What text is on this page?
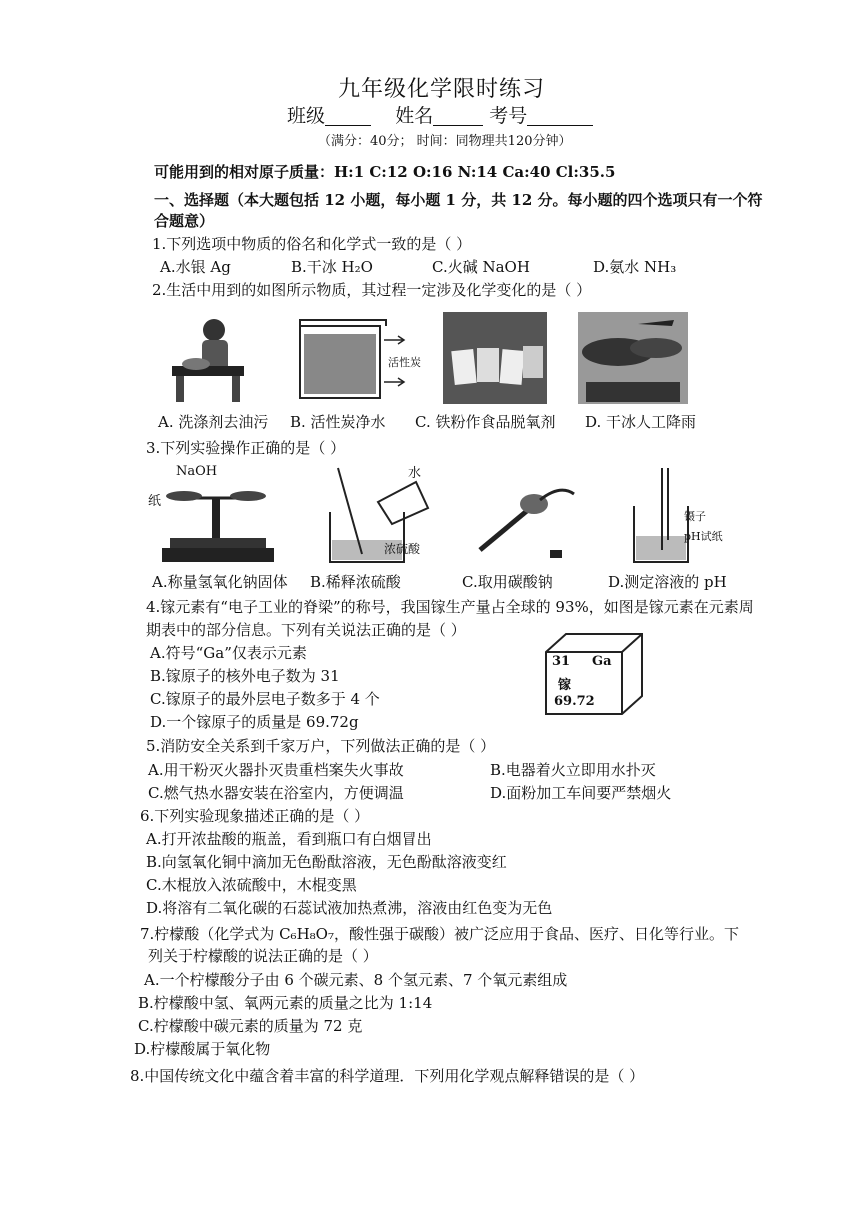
九年级化学限时练习
班级	姓名	考号
（满分：40分； 时间：同物理共120分钟）
可能用到的相对原子质量：H:1 C:12 O:16 N:14 Ca:40 Cl:35.5
一、选择题（本大题包括 12 小题，每小题 1 分，共 12 分。每小题的四个选项只有一个符
合题意）
1.下列选项中物质的俗名和化学式一致的是（ ）
A.水银 Ag	B.干冰 H₂O	C.火碱 NaOH	D.氨水 NH₃
2.生活中用到的如图所示物质，其过程一定涉及化学变化的是（ ）
活性炭
A. 洗涤剂去油污 B. 活性炭净水 C. 铁粉作食品脱氧剂 D. 干冰人工降雨
3.下列实验操作正确的是（ ）
NaOH
纸
水
浓硫酸
镊子
pH试纸
A.称量氢氧化钠固体 B.稀释浓硫酸	C.取用碳酸钠	D.测定溶液的 pH
4.镓元素有“电子工业的脊梁”的称号，我国镓生产量占全球的 93%，如图是镓元素在元素周
期表中的部分信息。下列有关说法正确的是（ ）
A.符号“Ga”仅表示元素
B.镓原子的核外电子数为 31
C.镓原子的最外层电子数多于 4 个
D.一个镓原子的质量是 69.72g
31 Ga
镓
69.72
5.消防安全关系到千家万户，下列做法正确的是（ ）
A.用干粉灭火器扑灭贵重档案失火事故	B.电器着火立即用水扑灭
C.燃气热水器安装在浴室内，方便调温	D.面粉加工车间要严禁烟火
6.下列实验现象描述正确的是（ ）
A.打开浓盐酸的瓶盖，看到瓶口有白烟冒出
B.向氢氧化铜中滴加无色酚酞溶液，无色酚酞溶液变红
C.木棍放入浓硫酸中，木棍变黑
D.将溶有二氧化碳的石蕊试液加热煮沸，溶液由红色变为无色
7.柠檬酸（化学式为 C₆H₈O₇，酸性强于碳酸）被广泛应用于食品、医疗、日化等行业。下
列关于柠檬酸的说法正确的是（ ）
A.一个柠檬酸分子由 6 个碳元素、8 个氢元素、7 个氧元素组成
B.柠檬酸中氢、氧两元素的质量之比为 1:14
C.柠檬酸中碳元素的质量为 72 克
D.柠檬酸属于氧化物
8.中国传统文化中蕴含着丰富的科学道理．下列用化学观点解释错误的是（ ）
